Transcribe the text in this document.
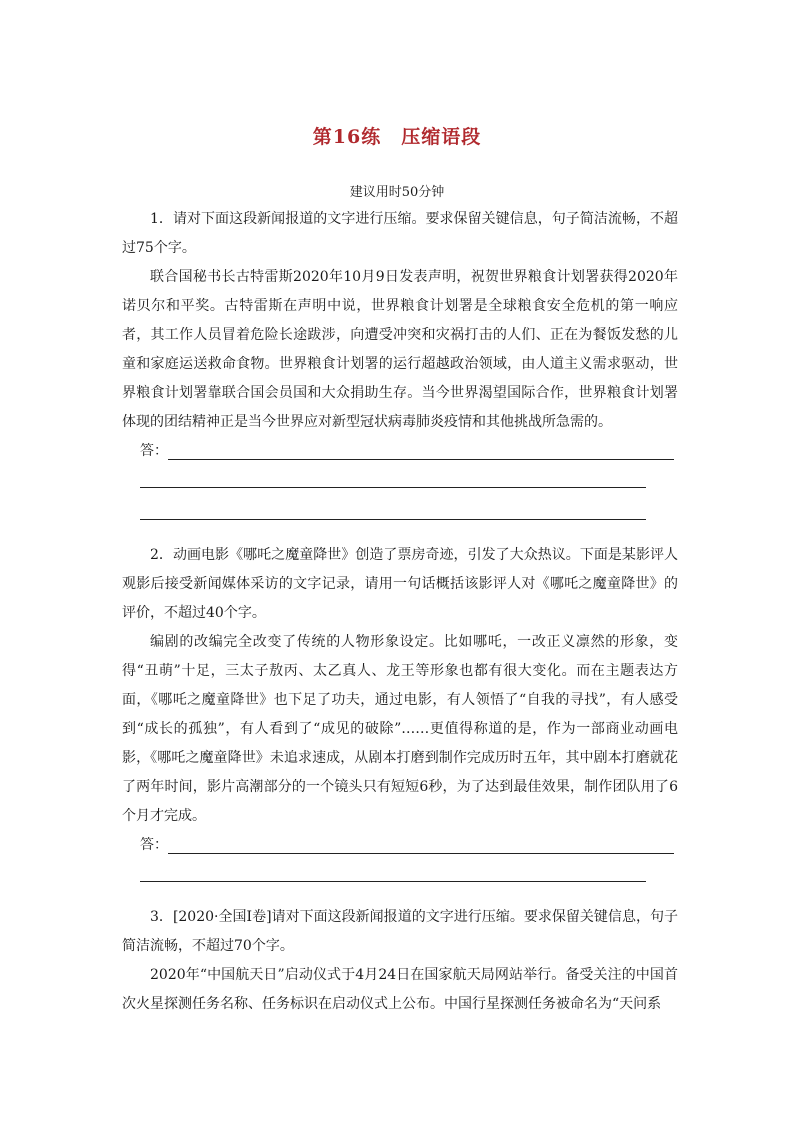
第16练　压缩语段
建议用时50分钟

1．请对下面这段新闻报道的文字进行压缩。要求保留关键信息，句子简洁流畅，不超过75个字。

联合国秘书长古特雷斯2020年10月9日发表声明，祝贺世界粮食计划署获得2020年诺贝尔和平奖。古特雷斯在声明中说，世界粮食计划署是全球粮食安全危机的第一响应者，其工作人员冒着危险长途跋涉，向遭受冲突和灾祸打击的人们、正在为餐饭发愁的儿童和家庭运送救命食物。世界粮食计划署的运行超越政治领域，由人道主义需求驱动，世界粮食计划署靠联合国会员国和大众捐助生存。当今世界渴望国际合作，世界粮食计划署体现的团结精神正是当今世界应对新型冠状病毒肺炎疫情和其他挑战所急需的。

答：

2．动画电影《哪吒之魔童降世》创造了票房奇迹，引发了大众热议。下面是某影评人观影后接受新闻媒体采访的文字记录，请用一句话概括该影评人对《哪吒之魔童降世》的评价，不超过40个字。

编剧的改编完全改变了传统的人物形象设定。比如哪吒，一改正义凛然的形象，变得“丑萌”十足，三太子敖丙、太乙真人、龙王等形象也都有很大变化。而在主题表达方面，《哪吒之魔童降世》也下足了功夫，通过电影，有人领悟了“自我的寻找”，有人感受到“成长的孤独”，有人看到了“成见的破除”……更值得称道的是，作为一部商业动画电影，《哪吒之魔童降世》未追求速成，从剧本打磨到制作完成历时五年，其中剧本打磨就花了两年时间，影片高潮部分的一个镜头只有短短6秒，为了达到最佳效果，制作团队用了6个月才完成。

答：

3．[2020·全国Ⅰ卷]请对下面这段新闻报道的文字进行压缩。要求保留关键信息，句子简洁流畅，不超过70个字。

2020年“中国航天日”启动仪式于4月24日在国家航天局网站举行。备受关注的中国首次火星探测任务名称、任务标识在启动仪式上公布。中国行星探测任务被命名为“天问系
